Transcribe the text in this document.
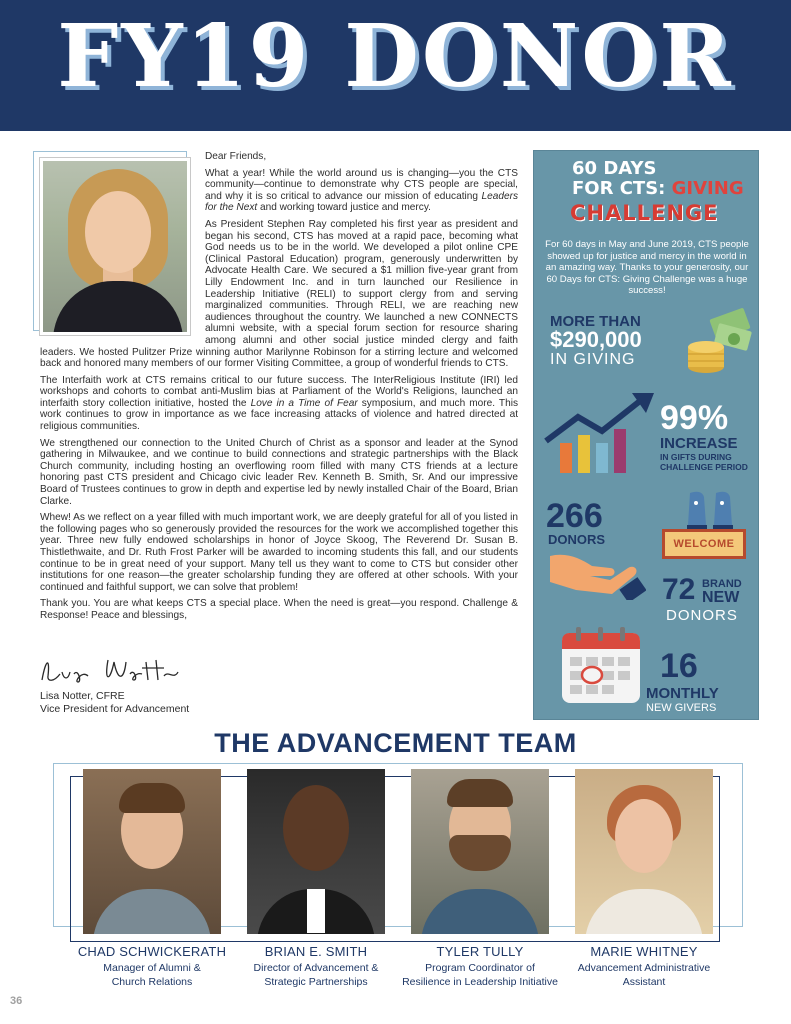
FY19 DONOR

Dear Friends,

What a year! While the world around us is changing—you the CTS community—continue to demonstrate why CTS people are special, and why it is so critical to advance our mission of educating Leaders for the Next and working toward justice and mercy.

As President Stephen Ray completed his first year as president and began his second, CTS has moved at a rapid pace, becoming what God needs us to be in the world. We developed a pilot online CPE (Clinical Pastoral Education) program, generously underwritten by Advocate Health Care. We secured a $1 million five-year grant from Lilly Endowment Inc. and in turn launched our Resilience in Leadership Initiative (RELI) to support clergy from and serving marginalized communities. Through RELI, we are reaching new audiences throughout the country. We launched a new CONNECTS alumni website, with a special forum section for resource sharing among alumni and other social justice minded clergy and faith leaders. We hosted Pulitzer Prize winning author Marilynne Robinson for a stirring lecture and welcomed back and honored many members of our former Visiting Committee, a group of wonderful friends to CTS.

The Interfaith work at CTS remains critical to our future success. The InterReligious Institute (IRI) led workshops and cohorts to combat anti-Muslim bias at Parliament of the World's Religions, launched an interfaith story collection initiative, hosted the Love in a Time of Fear symposium, and much more. This work continues to grow in importance as we face increasing attacks of violence and hatred directed at religious communities.

We strengthened our connection to the United Church of Christ as a sponsor and leader at the Synod gathering in Milwaukee, and we continue to build connections and strategic partnerships with the Black Church community, including hosting an overflowing room filled with many CTS friends at a lecture honoring past CTS president and Chicago civic leader Rev. Kenneth B. Smith, Sr. And our impressive Board of Trustees continues to grow in depth and expertise led by newly installed Chair of the Board, Brian Clarke.

Whew! As we reflect on a year filled with much important work, we are deeply grateful for all of you listed in the following pages who so generously provided the resources for the work we accomplished together this year. Three new fully endowed scholarships in honor of Joyce Skoog, The Reverend Dr. Susan B. Thistlethwaite, and Dr. Ruth Frost Parker will be awarded to incoming students this fall, and our students continue to be in great need of your support. Many tell us they want to come to CTS but consider other institutions for one reason—the greater scholarship funding they are offered at other schools. With your continued and faithful support, we can solve that problem!

Thank you. You are what keeps CTS a special place. When the need is great—you respond. Challenge & Response! Peace and blessings,

Lisa Notter, CFRE
Vice President for Advancement
60 DAYS
FOR CTS: GIVING
CHALLENGE
For 60 days in May and June 2019, CTS people showed up for justice and mercy in the world in an amazing way. Thanks to your generosity, our 60 Days for CTS: Giving Challenge was a huge success!
MORE THAN
$290,000
IN GIVING
99%
INCREASE
IN GIFTS DURING CHALLENGE PERIOD
266
DONORS	WELCOME
72 BRAND
NEW
DONORS
16
MONTHLY
NEW GIVERS
THE ADVANCEMENT TEAM
CHAD SCHWICKERATH
Manager of Alumni &
Church Relations
BRIAN E. SMITH
Director of Advancement &
Strategic Partnerships
TYLER TULLY
Program Coordinator of
Resilience in Leadership Initiative
MARIE WHITNEY
Advancement Administrative
Assistant
36
